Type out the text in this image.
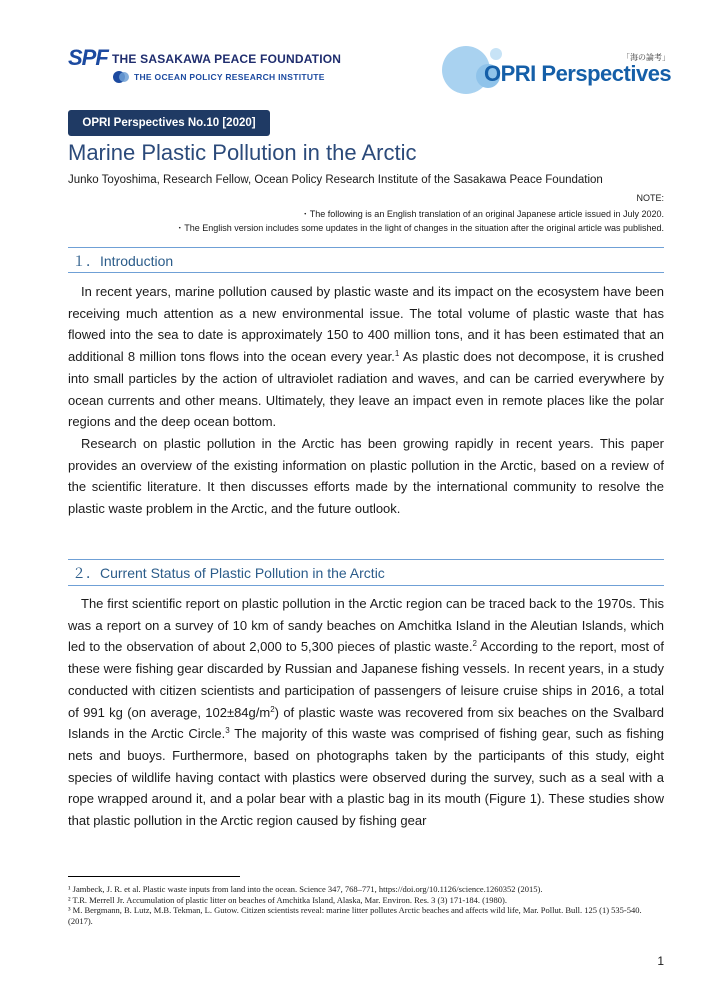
SPF THE SASAKAWA PEACE FOUNDATION
THE OCEAN POLICY RESEARCH INSTITUTE	OPRI Perspectives
「海の論考」
OPRI Perspectives No.10 [2020]
Marine Plastic Pollution in the Arctic
Junko Toyoshima, Research Fellow, Ocean Policy Research Institute of the Sasakawa Peace Foundation
NOTE:
・The following is an English translation of an original Japanese article issued in July 2020.
・The English version includes some updates in the light of changes in the situation after the original article was published.
１．Introduction

In recent years, marine pollution caused by plastic waste and its impact on the ecosystem have been receiving much attention as a new environmental issue. The total volume of plastic waste that has flowed into the sea to date is approximately 150 to 400 million tons, and it has been estimated that an additional 8 million tons flows into the ocean every year.$^1$ As plastic does not decompose, it is crushed into small particles by the action of ultraviolet radiation and waves, and can be carried everywhere by ocean currents and other means. Ultimately, they leave an impact even in remote places like the polar regions and the deep ocean bottom.

Research on plastic pollution in the Arctic has been growing rapidly in recent years. This paper provides an overview of the existing information on plastic pollution in the Arctic, based on a review of the scientific literature. It then discusses efforts made by the international community to resolve the plastic waste problem in the Arctic, and the future outlook.

２．Current Status of Plastic Pollution in the Arctic

The first scientific report on plastic pollution in the Arctic region can be traced back to the 1970s. This was a report on a survey of 10 km of sandy beaches on Amchitka Island in the Aleutian Islands, which led to the observation of about 2,000 to 5,300 pieces of plastic waste.$^2$ According to the report, most of these were fishing gear discarded by Russian and Japanese fishing vessels. In recent years, in a study conducted with citizen scientists and participation of passengers of leisure cruise ships in 2016, a total of 991 kg (on average, $102\pm 84g/m^2$) of plastic waste was recovered from six beaches on the Svalbard Islands in the Arctic Circle.$^3$ The majority of this waste was comprised of fishing gear, such as fishing nets and buoys. Furthermore, based on photographs taken by the participants of this study, eight species of wildlife having contact with plastics were observed during the survey, such as a seal with a rope wrapped around it, and a polar bear with a plastic bag in its mouth (Figure 1). These studies show that plastic pollution in the Arctic region caused by fishing gear

¹ Jambeck, J. R. et al. Plastic waste inputs from land into the ocean. Science 347, 768–771, https://doi.org/10.1126/science.1260352 (2015).
² T.R. Merrell Jr. Accumulation of plastic litter on beaches of Amchitka Island, Alaska, Mar. Environ. Res. 3 (3) 171-184. (1980).
³ M. Bergmann, B. Lutz, M.B. Tekman, L. Gutow. Citizen scientists reveal: marine litter pollutes Arctic beaches and affects wild life, Mar. Pollut. Bull. 125 (1) 535-540. (2017).
1
